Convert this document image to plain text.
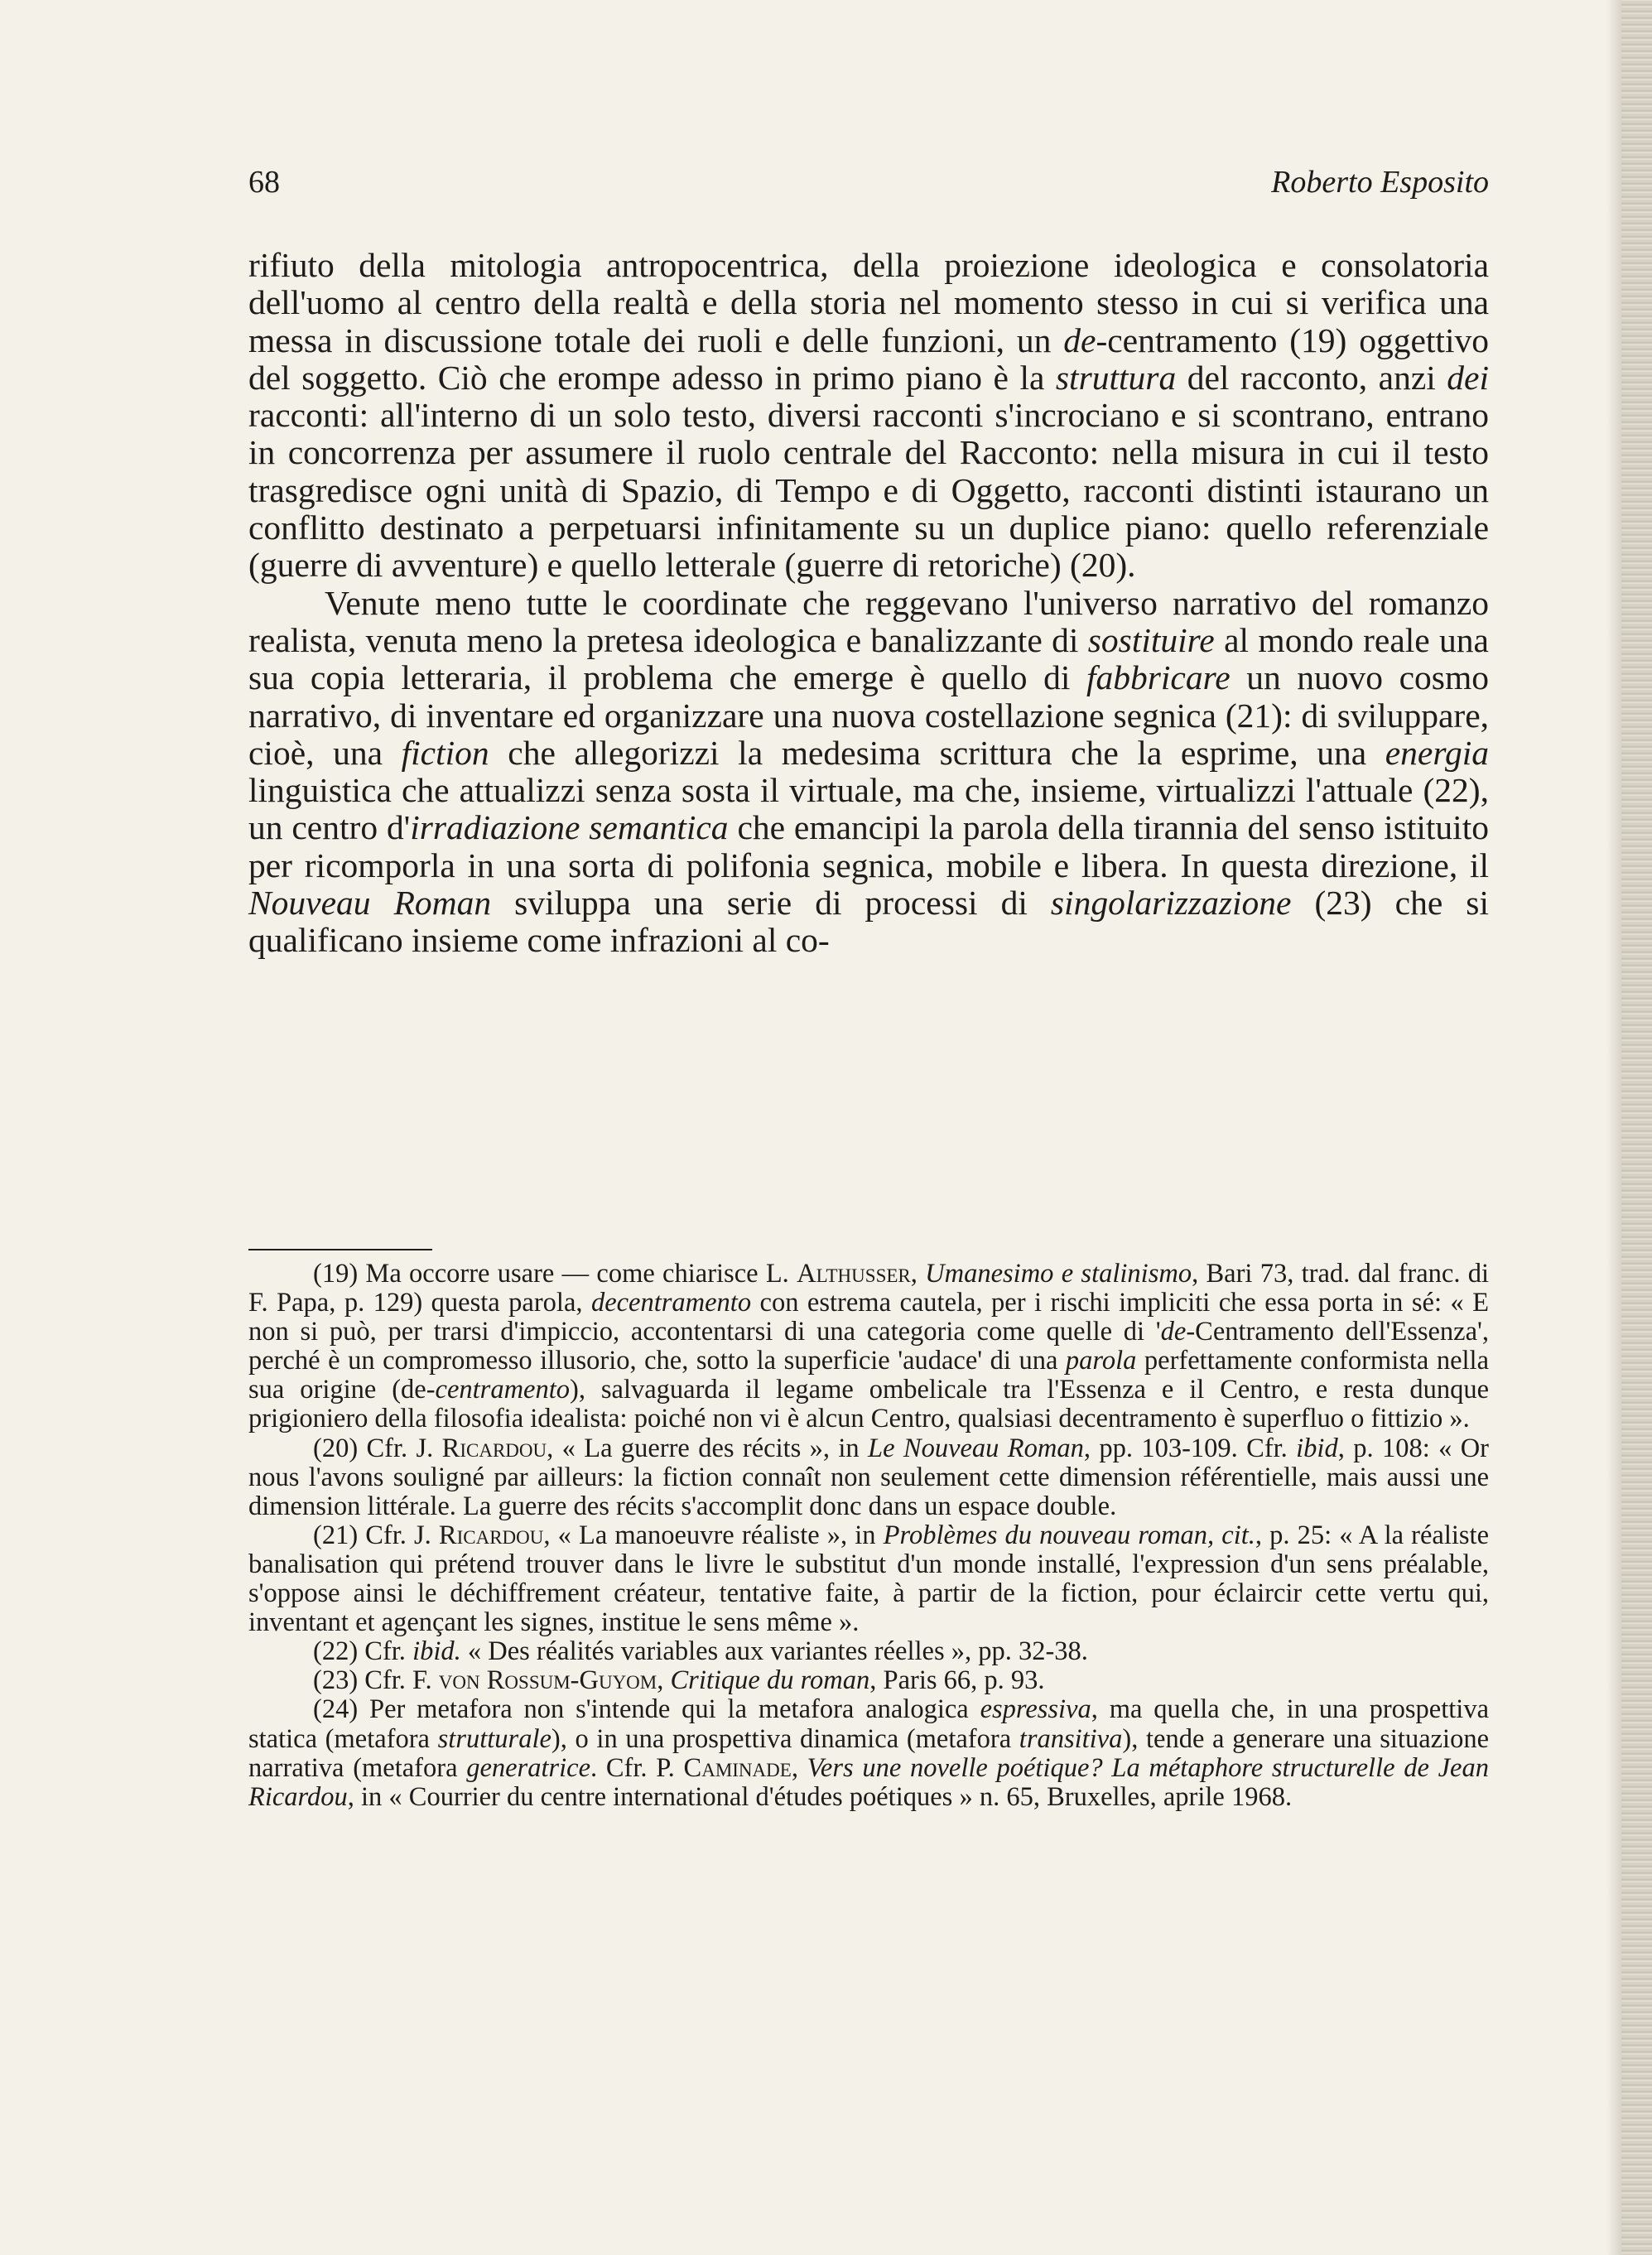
68	Roberto Esposito

rifiuto della mitologia antropocentrica, della proiezione ideologica e consolatoria dell'uomo al centro della realtà e della storia nel momento stesso in cui si verifica una messa in discussione totale dei ruoli e delle funzioni, un de-centramento (19) oggettivo del soggetto. Ciò che erompe adesso in primo piano è la struttura del racconto, anzi dei racconti: all'interno di un solo testo, diversi racconti s'incrociano e si scontrano, entrano in concorrenza per assumere il ruolo centrale del Racconto: nella misura in cui il testo trasgredisce ogni unità di Spazio, di Tempo e di Oggetto, racconti distinti istaurano un conflitto destinato a perpetuarsi infinitamente su un duplice piano: quello referenziale (guerre di avventure) e quello letterale (guerre di retoriche) (20).

Venute meno tutte le coordinate che reggevano l'universo narrativo del romanzo realista, venuta meno la pretesa ideologica e banalizzante di sostituire al mondo reale una sua copia letteraria, il problema che emerge è quello di fabbricare un nuovo cosmo narrativo, di inventare ed organizzare una nuova costellazione segnica (21): di sviluppare, cioè, una fiction che allegorizzi la medesima scrittura che la esprime, una energia linguistica che attualizzi senza sosta il virtuale, ma che, insieme, virtualizzi l'attuale (22), un centro d'irradiazione semantica che emancipi la parola della tirannia del senso istituito per ricomporla in una sorta di polifonia segnica, mobile e libera. In questa direzione, il Nouveau Roman sviluppa una serie di processi di singolarizzazione (23) che si qualificano insieme come infrazioni al co-

(19) Ma occorre usare — come chiarisce L. Althusser, Umanesimo e stalinismo, Bari 73, trad. dal franc. di F. Papa, p. 129) questa parola, decentramento con estrema cautela, per i rischi impliciti che essa porta in sé: « E non si può, per trarsi d'impiccio, accontentarsi di una categoria come quelle di 'de-Centramento dell'Essenza', perché è un compromesso illusorio, che, sotto la superficie 'audace' di una parola perfettamente conformista nella sua origine (de-centramento), salvaguarda il legame ombelicale tra l'Essenza e il Centro, e resta dunque prigioniero della filosofia idealista: poiché non vi è alcun Centro, qualsiasi decentramento è superfluo o fittizio ».

(20) Cfr. J. Ricardou, « La guerre des récits », in Le Nouveau Roman, pp. 103-109. Cfr. ibid, p. 108: « Or nous l'avons souligné par ailleurs: la fiction connaît non seulement cette dimension référentielle, mais aussi une dimension littérale. La guerre des récits s'accomplit donc dans un espace double.

(21) Cfr. J. Ricardou, « La manoeuvre réaliste », in Problèmes du nouveau roman, cit., p. 25: « A la réaliste banalisation qui prétend trouver dans le livre le substitut d'un monde installé, l'expression d'un sens préalable, s'oppose ainsi le déchiffrement créateur, tentative faite, à partir de la fiction, pour éclaircir cette vertu qui, inventant et agençant les signes, institue le sens même ».

(22) Cfr. ibid. « Des réalités variables aux variantes réelles », pp. 32-38.

(23) Cfr. F. von Rossum-Guyom, Critique du roman, Paris 66, p. 93.

(24) Per metafora non s'intende qui la metafora analogica espressiva, ma quella che, in una prospettiva statica (metafora strutturale), o in una prospettiva dinamica (metafora transitiva), tende a generare una situazione narrativa (metafora generatrice. Cfr. P. Caminade, Vers une novelle poétique? La métaphore structurelle de Jean Ricardou, in « Courrier du centre international d'études poétiques » n. 65, Bruxelles, aprile 1968.
